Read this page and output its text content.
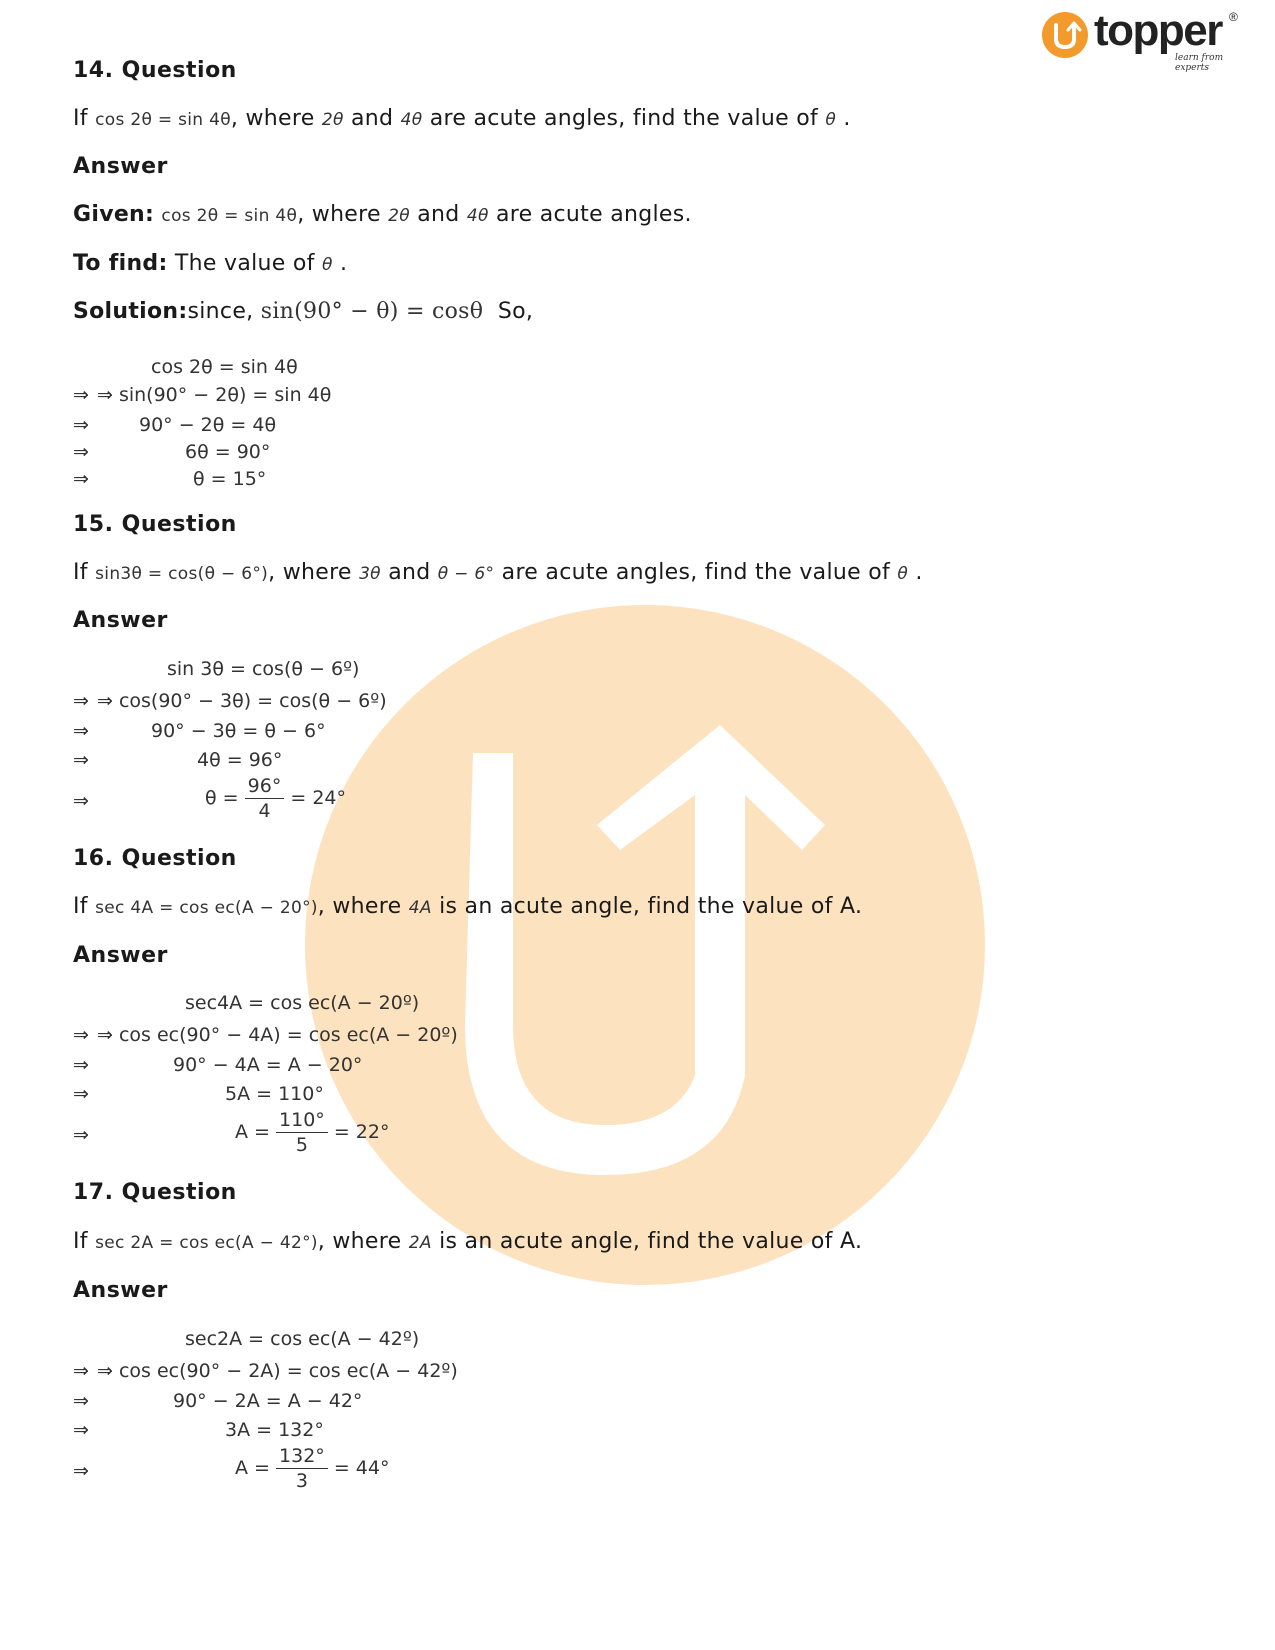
topper ®
learn from experts
14. Question
If cos 2θ = sin 4θ, where 2θ and 4θ are acute angles, find the value of θ .
Answer
Given: cos 2θ = sin 4θ, where 2θ and 4θ are acute angles.
To find: The value of θ .
Solution:since, sin(90° − θ) = cosθ So,
cos 2θ = sin 4θ
⇒ ⇒ sin(90° − 2θ) = sin 4θ
⇒	90° − 2θ = 4θ
⇒	6θ = 90°
⇒	θ = 15°
15. Question
If sin3θ = cos(θ − 6°), where 3θ and θ − 6° are acute angles, find the value of θ .
Answer
sin 3θ = cos(θ − 6º)
⇒ ⇒ cos(90° − 3θ) = cos(θ − 6º)
⇒	90° − 3θ = θ − 6°
⇒	4θ = 96°
⇒	$\theta = \frac{96^\circ}{4} = 24^\circ$
16. Question
If sec 4A = cos ec(A − 20°), where 4A is an acute angle, find the value of A.
Answer
sec4A = cos ec(A − 20º)
⇒ ⇒ cos ec(90° − 4A) = cos ec(A − 20º)
⇒	90° − 4A = A − 20°
⇒	5A = 110°
⇒	$A = \frac{110^\circ}{5} = 22^\circ$
17. Question
If sec 2A = cos ec(A − 42°), where 2A is an acute angle, find the value of A.
Answer
sec2A = cos ec(A − 42º)
⇒ ⇒ cos ec(90° − 2A) = cos ec(A − 42º)
⇒	90° − 2A = A − 42°
⇒	3A = 132°
⇒	$A = \frac{132^\circ}{3} = 44^\circ$
